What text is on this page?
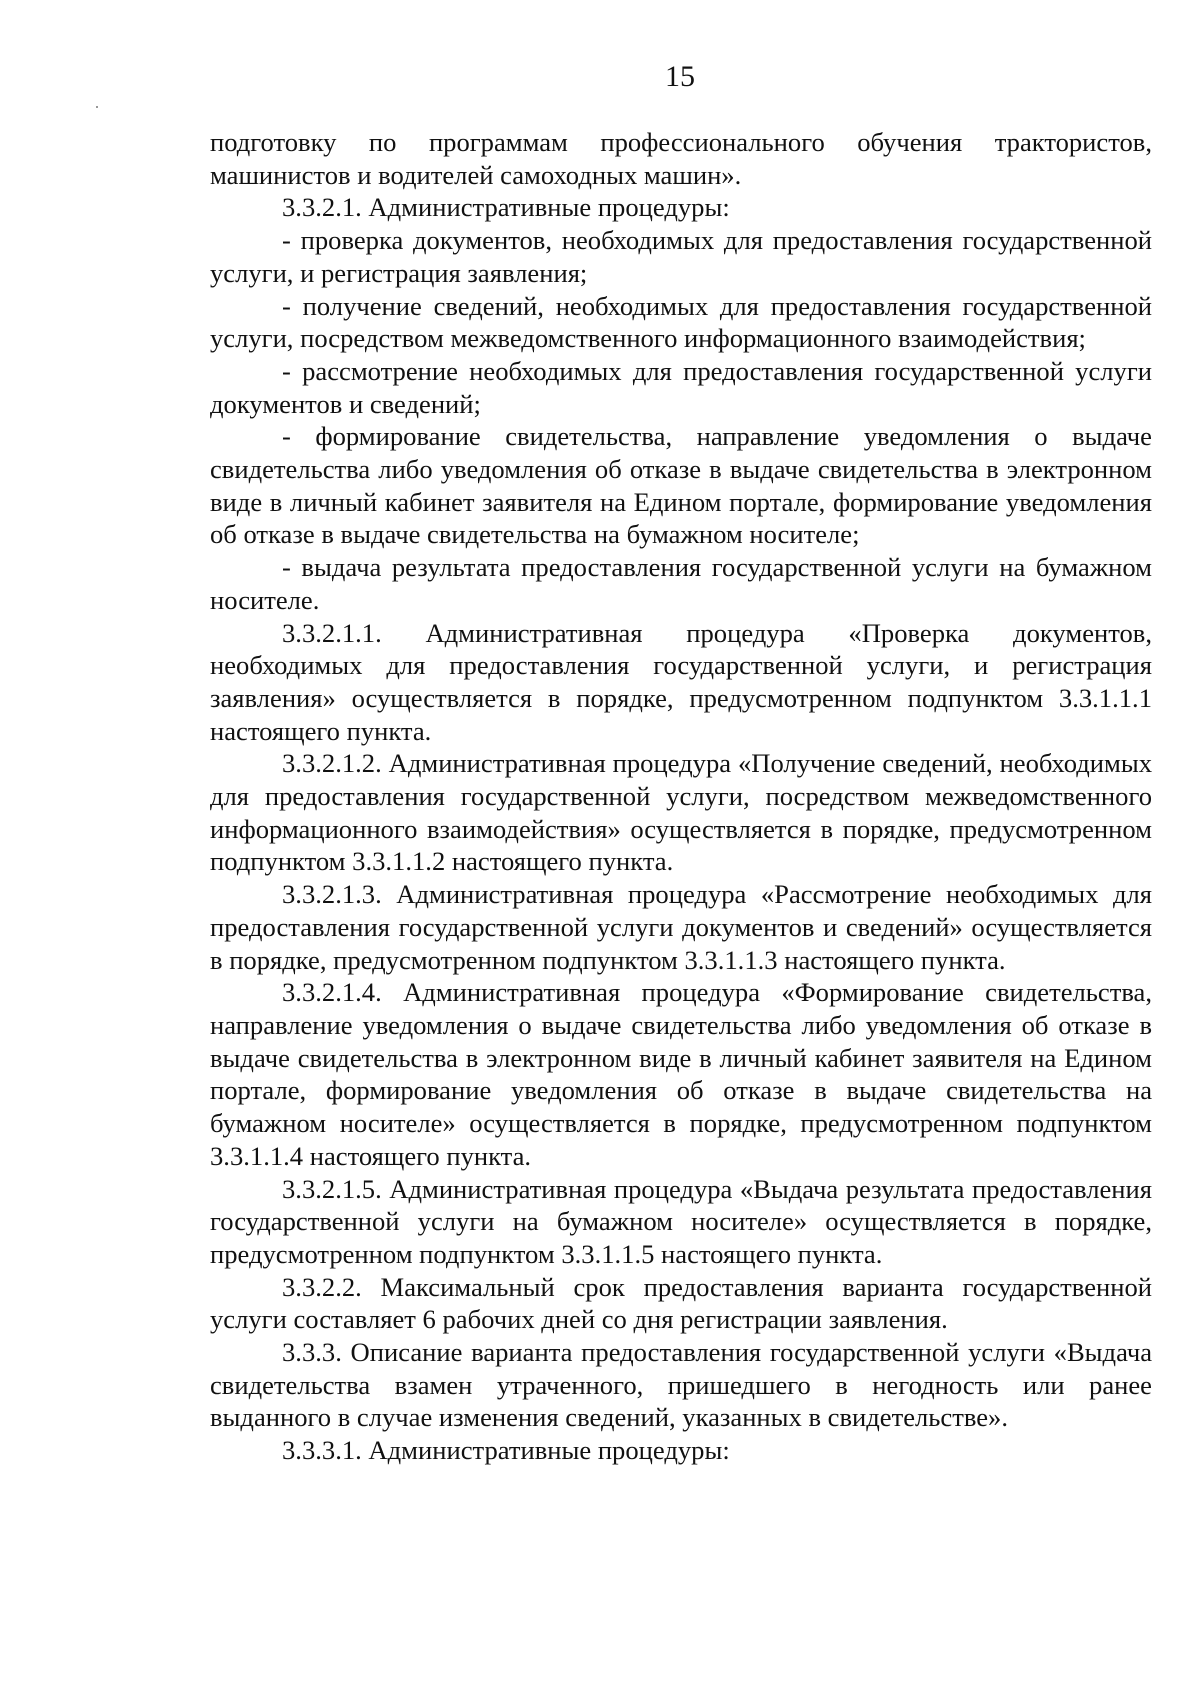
15

подготовку по программам профессионального обучения трактористов, машинистов и водителей самоходных машин».

3.3.2.1. Административные процедуры:

- проверка документов, необходимых для предоставления государственной услуги, и регистрация заявления;

- получение сведений, необходимых для предоставления государственной услуги, посредством межведомственного информационного взаимодействия;

- рассмотрение необходимых для предоставления государственной услуги документов и сведений;

- формирование свидетельства, направление уведомления о выдаче свидетельства либо уведомления об отказе в выдаче свидетельства в электронном виде в личный кабинет заявителя на Едином портале, формирование уведомления об отказе в выдаче свидетельства на бумажном носителе;

- выдача результата предоставления государственной услуги на бумажном носителе.

3.3.2.1.1. Административная процедура «Проверка документов, необходимых для предоставления государственной услуги, и регистрация заявления» осуществляется в порядке, предусмотренном подпунктом 3.3.1.1.1 настоящего пункта.

3.3.2.1.2. Административная процедура «Получение сведений, необходимых для предоставления государственной услуги, посредством межведомственного информационного взаимодействия» осуществляется в порядке, предусмотренном подпунктом 3.3.1.1.2 настоящего пункта.

3.3.2.1.3. Административная процедура «Рассмотрение необходимых для предоставления государственной услуги документов и сведений» осуществляется в порядке, предусмотренном подпунктом 3.3.1.1.3 настоящего пункта.

3.3.2.1.4. Административная процедура «Формирование свидетельства, направление уведомления о выдаче свидетельства либо уведомления об отказе в выдаче свидетельства в электронном виде в личный кабинет заявителя на Едином портале, формирование уведомления об отказе в выдаче свидетельства на бумажном носителе» осуществляется в порядке, предусмотренном подпунктом 3.3.1.1.4 настоящего пункта.

3.3.2.1.5. Административная процедура «Выдача результата предоставления государственной услуги на бумажном носителе» осуществляется в порядке, предусмотренном подпунктом 3.3.1.1.5 настоящего пункта.

3.3.2.2. Максимальный срок предоставления варианта государственной услуги составляет 6 рабочих дней со дня регистрации заявления.

3.3.3. Описание варианта предоставления государственной услуги «Выдача свидетельства взамен утраченного, пришедшего в негодность или ранее выданного в случае изменения сведений, указанных в свидетельстве».

3.3.3.1. Административные процедуры:
